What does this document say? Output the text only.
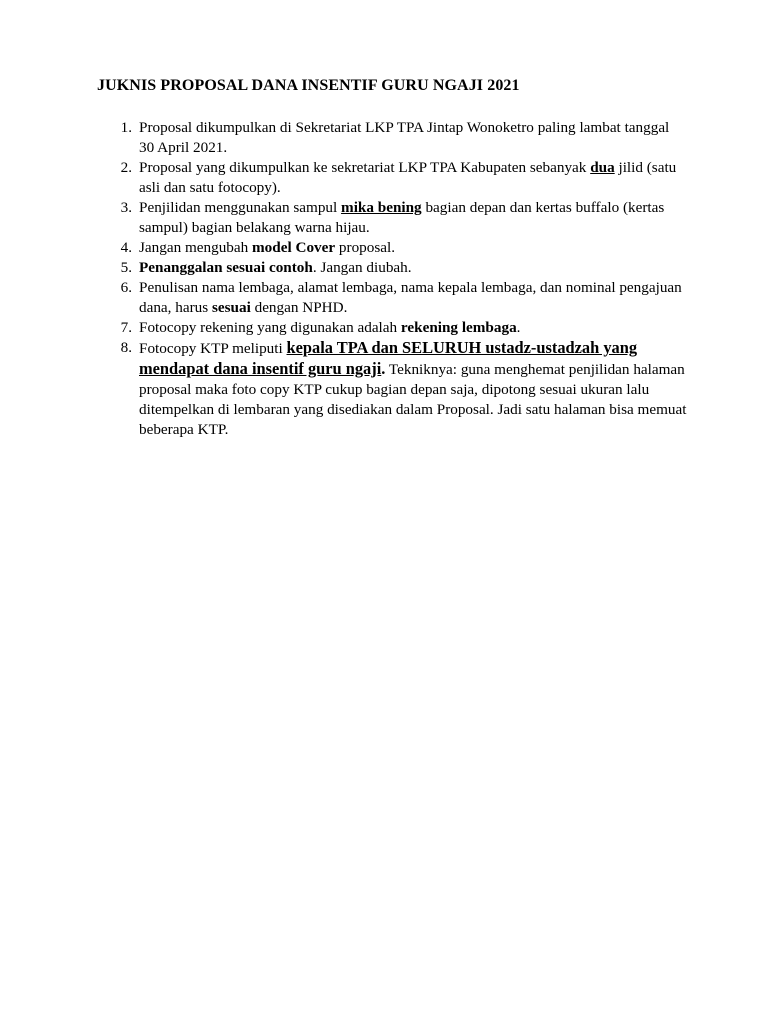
JUKNIS PROPOSAL DANA INSENTIF GURU NGAJI 2021
1. Proposal dikumpulkan di Sekretariat LKP TPA Jintap Wonoketro paling lambat tanggal 30 April 2021.
2. Proposal yang dikumpulkan ke sekretariat LKP TPA Kabupaten sebanyak dua jilid (satu asli dan satu fotocopy).
3. Penjilidan menggunakan sampul mika bening bagian depan dan kertas buffalo (kertas sampul) bagian belakang warna hijau.
4. Jangan mengubah model Cover proposal.
5. Penanggalan sesuai contoh. Jangan diubah.
6. Penulisan nama lembaga, alamat lembaga, nama kepala lembaga, dan nominal pengajuan dana, harus sesuai dengan NPHD.
7. Fotocopy rekening yang digunakan adalah rekening lembaga.
8. Fotocopy KTP meliputi kepala TPA dan SELURUH ustadz-ustadzah yang mendapat dana insentif guru ngaji. Tekniknya: guna menghemat penjilidan halaman proposal maka foto copy KTP cukup bagian depan saja, dipotong sesuai ukuran lalu ditempelkan di lembaran yang disediakan dalam Proposal. Jadi satu halaman bisa memuat beberapa KTP.
